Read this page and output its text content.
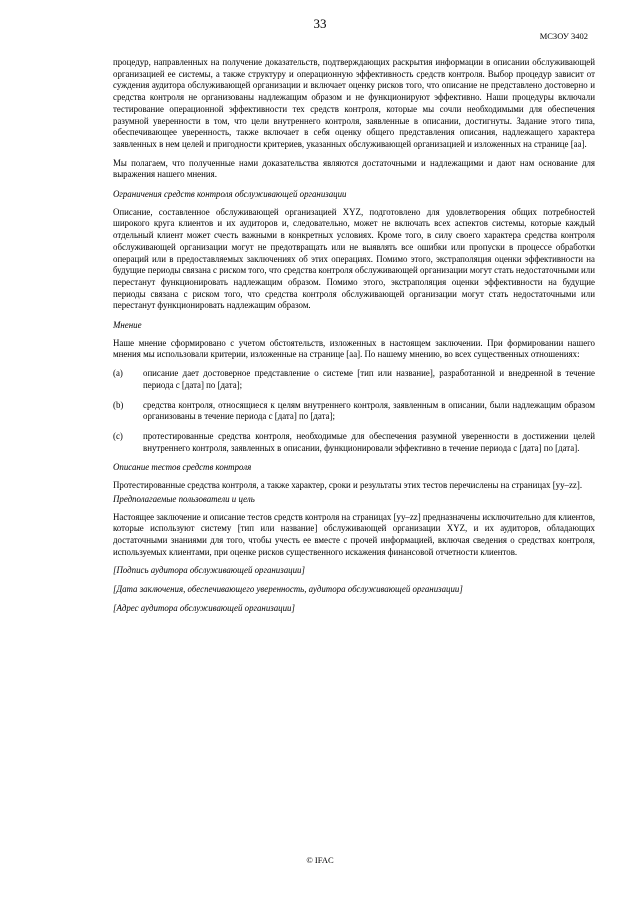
33
МСЗОУ 3402

процедур, направленных на получение доказательств, подтверждающих раскрытия информации в описании обслуживающей организацией ее системы, а также структуру и операционную эффективность средств контроля. Выбор процедур зависит от суждения аудитора обслуживающей организации и включает оценку рисков того, что описание не представлено достоверно и средства контроля не организованы надлежащим образом и не функционируют эффективно. Наши процедуры включали тестирование операционной эффективности тех средств контроля, которые мы сочли необходимыми для обеспечения разумной уверенности в том, что цели внутреннего контроля, заявленные в описании, достигнуты. Задание этого типа, обеспечивающее уверенность, также включает в себя оценку общего представления описания, надлежащего характера заявленных в нем целей и пригодности критериев, указанных обслуживающей организацией и изложенных на странице [аа].

Мы полагаем, что полученные нами доказательства являются достаточными и надлежащими и дают нам основание для выражения нашего мнения.

Ограничения средств контроля обслуживающей организации

Описание, составленное обслуживающей организацией XYZ, подготовлено для удовлетворения общих потребностей широкого круга клиентов и их аудиторов и, следовательно, может не включать всех аспектов системы, которые каждый отдельный клиент может счесть важными в конкретных условиях. Кроме того, в силу своего характера средства контроля обслуживающей организации могут не предотвращать или не выявлять все ошибки или пропуски в процессе обработки операций или в предоставляемых заключениях об этих операциях. Помимо этого, экстраполяция оценки эффективности на будущие периоды связана с риском того, что средства контроля обслуживающей организации могут стать недостаточными или перестанут функционировать надлежащим образом. Помимо этого, экстраполяция оценки эффективности на будущие периоды связана с риском того, что средства контроля обслуживающей организации могут стать недостаточными или перестанут функционировать надлежащим образом.

Мнение

Наше мнение сформировано с учетом обстоятельств, изложенных в настоящем заключении. При формировании нашего мнения мы использовали критерии, изложенные на странице [аа]. По нашему мнению, во всех существенных отношениях:

(a)	описание дает достоверное представление о системе [тип или название], разработанной и внедренной в течение периода с [дата] по [дата];
(b)	средства контроля, относящиеся к целям внутреннего контроля, заявленным в описании, были надлежащим образом организованы в течение периода с [дата] по [дата];
(c)	протестированные средства контроля, необходимые для обеспечения разумной уверенности в достижении целей внутреннего контроля, заявленных в описании, функционировали эффективно в течение периода с [дата] по [дата].
Описание тестов средств контроля

Протестированные средства контроля, а также характер, сроки и результаты этих тестов перечислены на страницах [yy–zz].

Предполагаемые пользователи и цель

Настоящее заключение и описание тестов средств контроля на страницах [yy–zz] предназначены исключительно для клиентов, которые используют систему [тип или название] обслуживающей организации XYZ, и их аудиторов, обладающих достаточными знаниями для того, чтобы учесть ее вместе с прочей информацией, включая сведения о средствах контроля, используемых клиентами, при оценке рисков существенного искажения финансовой отчетности клиентов.

[Подпись аудитора обслуживающей организации]

[Дата заключения, обеспечивающего уверенность, аудитора обслуживающей организации]

[Адрес аудитора обслуживающей организации]

© IFAC
